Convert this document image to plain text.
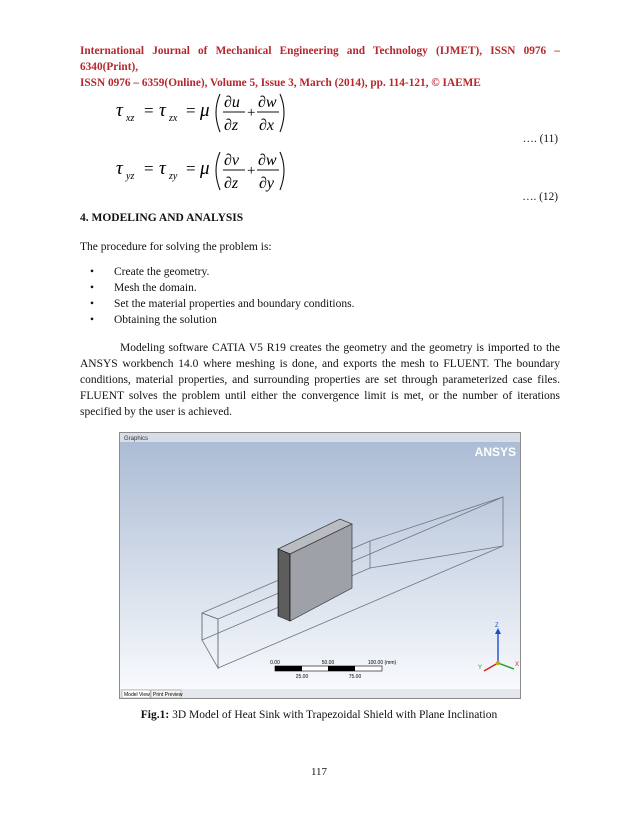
International Journal of Mechanical Engineering and Technology (IJMET), ISSN 0976 – 6340(Print),
ISSN 0976 – 6359(Online), Volume 5, Issue 3, March (2014), pp. 114-121, © IAEME
τ xz = τ zx = μ ∂u
∂z
+
∂w
∂x
…. (11)
τ yz = τ zy = μ ∂v
∂z
+
∂w
∂y
…. (12)
4. MODELING AND ANALYSIS
The procedure for solving the problem is:
•	Create the geometry.
•	Mesh the domain.
•	Set the material properties and boundary conditions.
•	Obtaining the solution
Modeling software CATIA V5 R19 creates the geometry and the geometry is imported to the ANSYS workbench 14.0 where meshing is done, and exports the mesh to FLUENT. The boundary conditions, material properties, and surrounding properties are set through parameterized case files. FLUENT solves the problem until either the convergence limit is met, or the number of iterations specified by the user is achieved.
Graphics
ANSYS
0.00	50.00	100.00 (mm)
25.00	75.00
Z
Y	X
Model View Print Preview
Fig.1: 3D Model of Heat Sink with Trapezoidal Shield with Plane Inclination
117
